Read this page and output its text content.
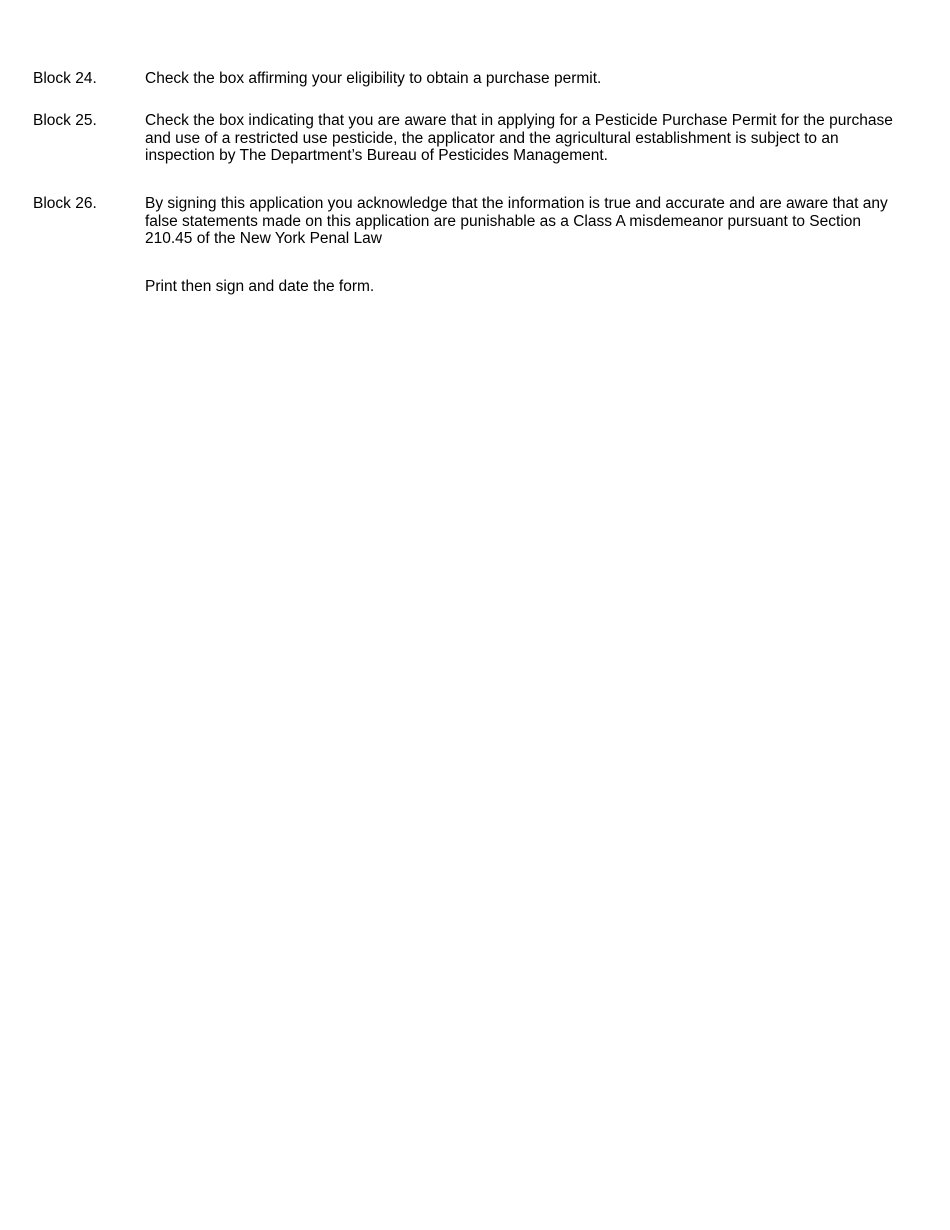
Block 24.	Check the box affirming your eligibility to obtain a purchase permit.
Block 25.	Check the box indicating that you are aware that in applying for a Pesticide Purchase Permit for the purchase and use of a restricted use pesticide, the applicator and the agricultural establishment is subject to an inspection by The Department’s Bureau of Pesticides Management.
Block 26.	By signing this application you acknowledge that the information is true and accurate and are aware that any false statements made on this application are punishable as a Class A misdemeanor pursuant to Section 210.45 of the New York Penal Law
Print then sign and date the form.
